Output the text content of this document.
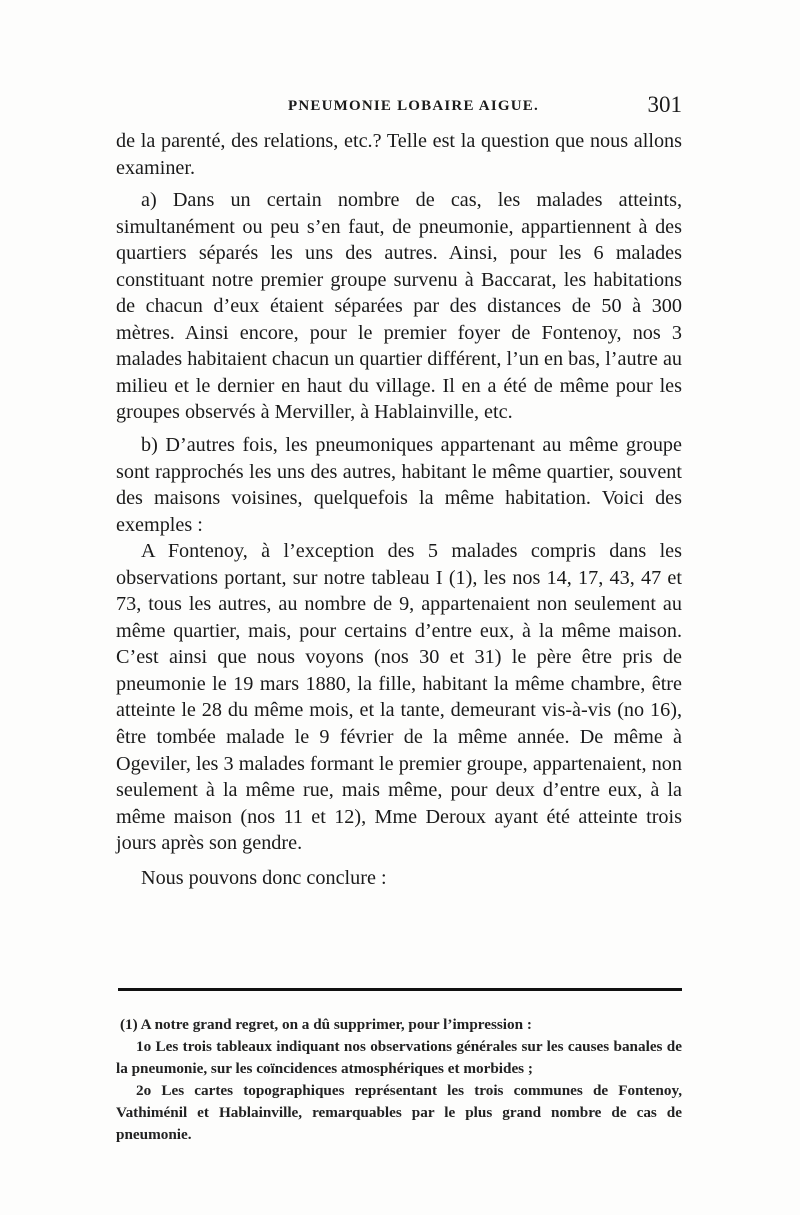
PNEUMONIE LOBAIRE AIGUE.	301

de la parenté, des relations, etc.? Telle est la question que nous allons examiner.

a) Dans un certain nombre de cas, les malades atteints, simultanément ou peu s’en faut, de pneumonie, appartiennent à des quartiers séparés les uns des autres. Ainsi, pour les 6 malades constituant notre premier groupe survenu à Baccarat, les habitations de chacun d’eux étaient séparées par des distances de 50 à 300 mètres. Ainsi encore, pour le premier foyer de Fontenoy, nos 3 malades habitaient chacun un quartier différent, l’un en bas, l’autre au milieu et le dernier en haut du village. Il en a été de même pour les groupes observés à Merviller, à Hablainville, etc.

b) D’autres fois, les pneumoniques appartenant au même groupe sont rapprochés les uns des autres, habitant le même quartier, souvent des maisons voisines, quelquefois la même habitation. Voici des exemples :

A Fontenoy, à l’exception des 5 malades compris dans les observations portant, sur notre tableau I (1), les nos 14, 17, 43, 47 et 73, tous les autres, au nombre de 9, appartenaient non seulement au même quartier, mais, pour certains d’entre eux, à la même maison. C’est ainsi que nous voyons (nos 30 et 31) le père être pris de pneumonie le 19 mars 1880, la fille, habitant la même chambre, être atteinte le 28 du même mois, et la tante, demeurant vis-à-vis (no 16), être tombée malade le 9 février de la même année. De même à Ogeviler, les 3 malades formant le premier groupe, appartenaient, non seulement à la même rue, mais même, pour deux d’entre eux, à la même maison (nos 11 et 12), Mme Deroux ayant été atteinte trois jours après son gendre.

Nous pouvons donc conclure :

(1) A notre grand regret, on a dû supprimer, pour l’impression :

1o Les trois tableaux indiquant nos observations générales sur les causes banales de la pneumonie, sur les coïncidences atmosphériques et morbides ;

2o Les cartes topographiques représentant les trois communes de Fontenoy, Vathiménil et Hablainville, remarquables par le plus grand nombre de cas de pneumonie.
